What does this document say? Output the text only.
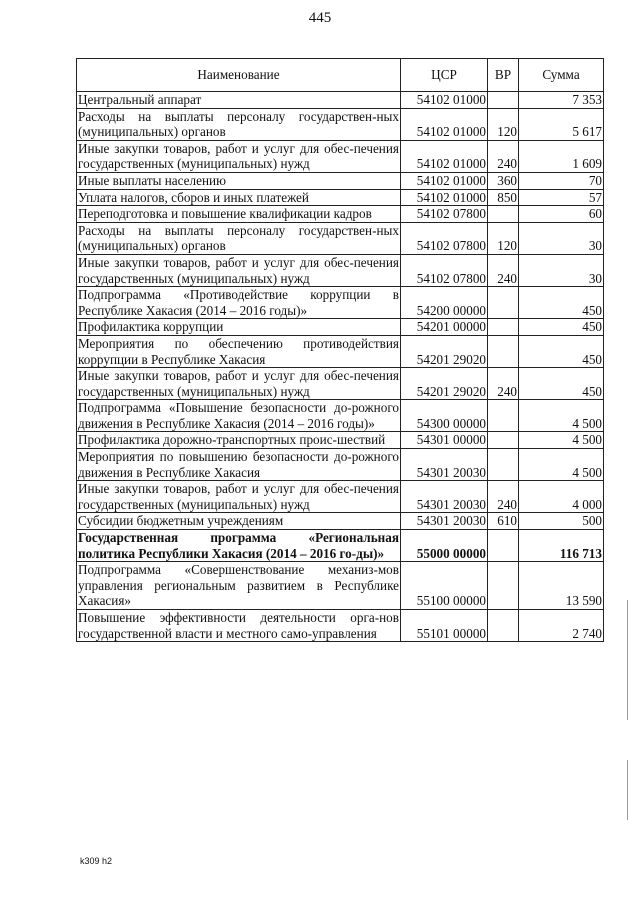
445
Наименование	ЦСР	ВР	Сумма
Центральный аппарат	54102 01000		7 353
Расходы на выплаты персоналу государствен-ных (муниципальных) органов	54102 01000	120	5 617
Иные закупки товаров, работ и услуг для обес-печения государственных (муниципальных) нужд	54102 01000	240	1 609
Иные выплаты населению	54102 01000	360	70
Уплата налогов, сборов и иных платежей	54102 01000	850	57
Переподготовка и повышение квалификации кадров	54102 07800		60
Расходы на выплаты персоналу государствен-ных (муниципальных) органов	54102 07800	120	30
Иные закупки товаров, работ и услуг для обес-печения государственных (муниципальных) нужд	54102 07800	240	30
Подпрограмма «Противодействие коррупции в Республике Хакасия (2014 – 2016 годы)»	54200 00000		450
Профилактика коррупции	54201 00000		450
Мероприятия по обеспечению противодействия коррупции в Республике Хакасия	54201 29020		450
Иные закупки товаров, работ и услуг для обес-печения государственных (муниципальных) нужд	54201 29020	240	450
Подпрограмма «Повышение безопасности до-рожного движения в Республике Хакасия (2014 – 2016 годы)»	54300 00000		4 500
Профилактика дорожно-транспортных проис-шествий	54301 00000		4 500
Мероприятия по повышению безопасности до-рожного движения в Республике Хакасия	54301 20030		4 500
Иные закупки товаров, работ и услуг для обес-печения государственных (муниципальных) нужд	54301 20030	240	4 000
Субсидии бюджетным учреждениям	54301 20030	610	500
Государственная программа «Региональная политика Республики Хакасия (2014 – 2016 го-ды)»	55000 00000		116 713
Подпрограмма «Совершенствование механиз-мов управления региональным развитием в Республике Хакасия»	55100 00000		13 590
Повышение эффективности деятельности орга-нов государственной власти и местного само-управления	55101 00000		2 740
k309 h2
